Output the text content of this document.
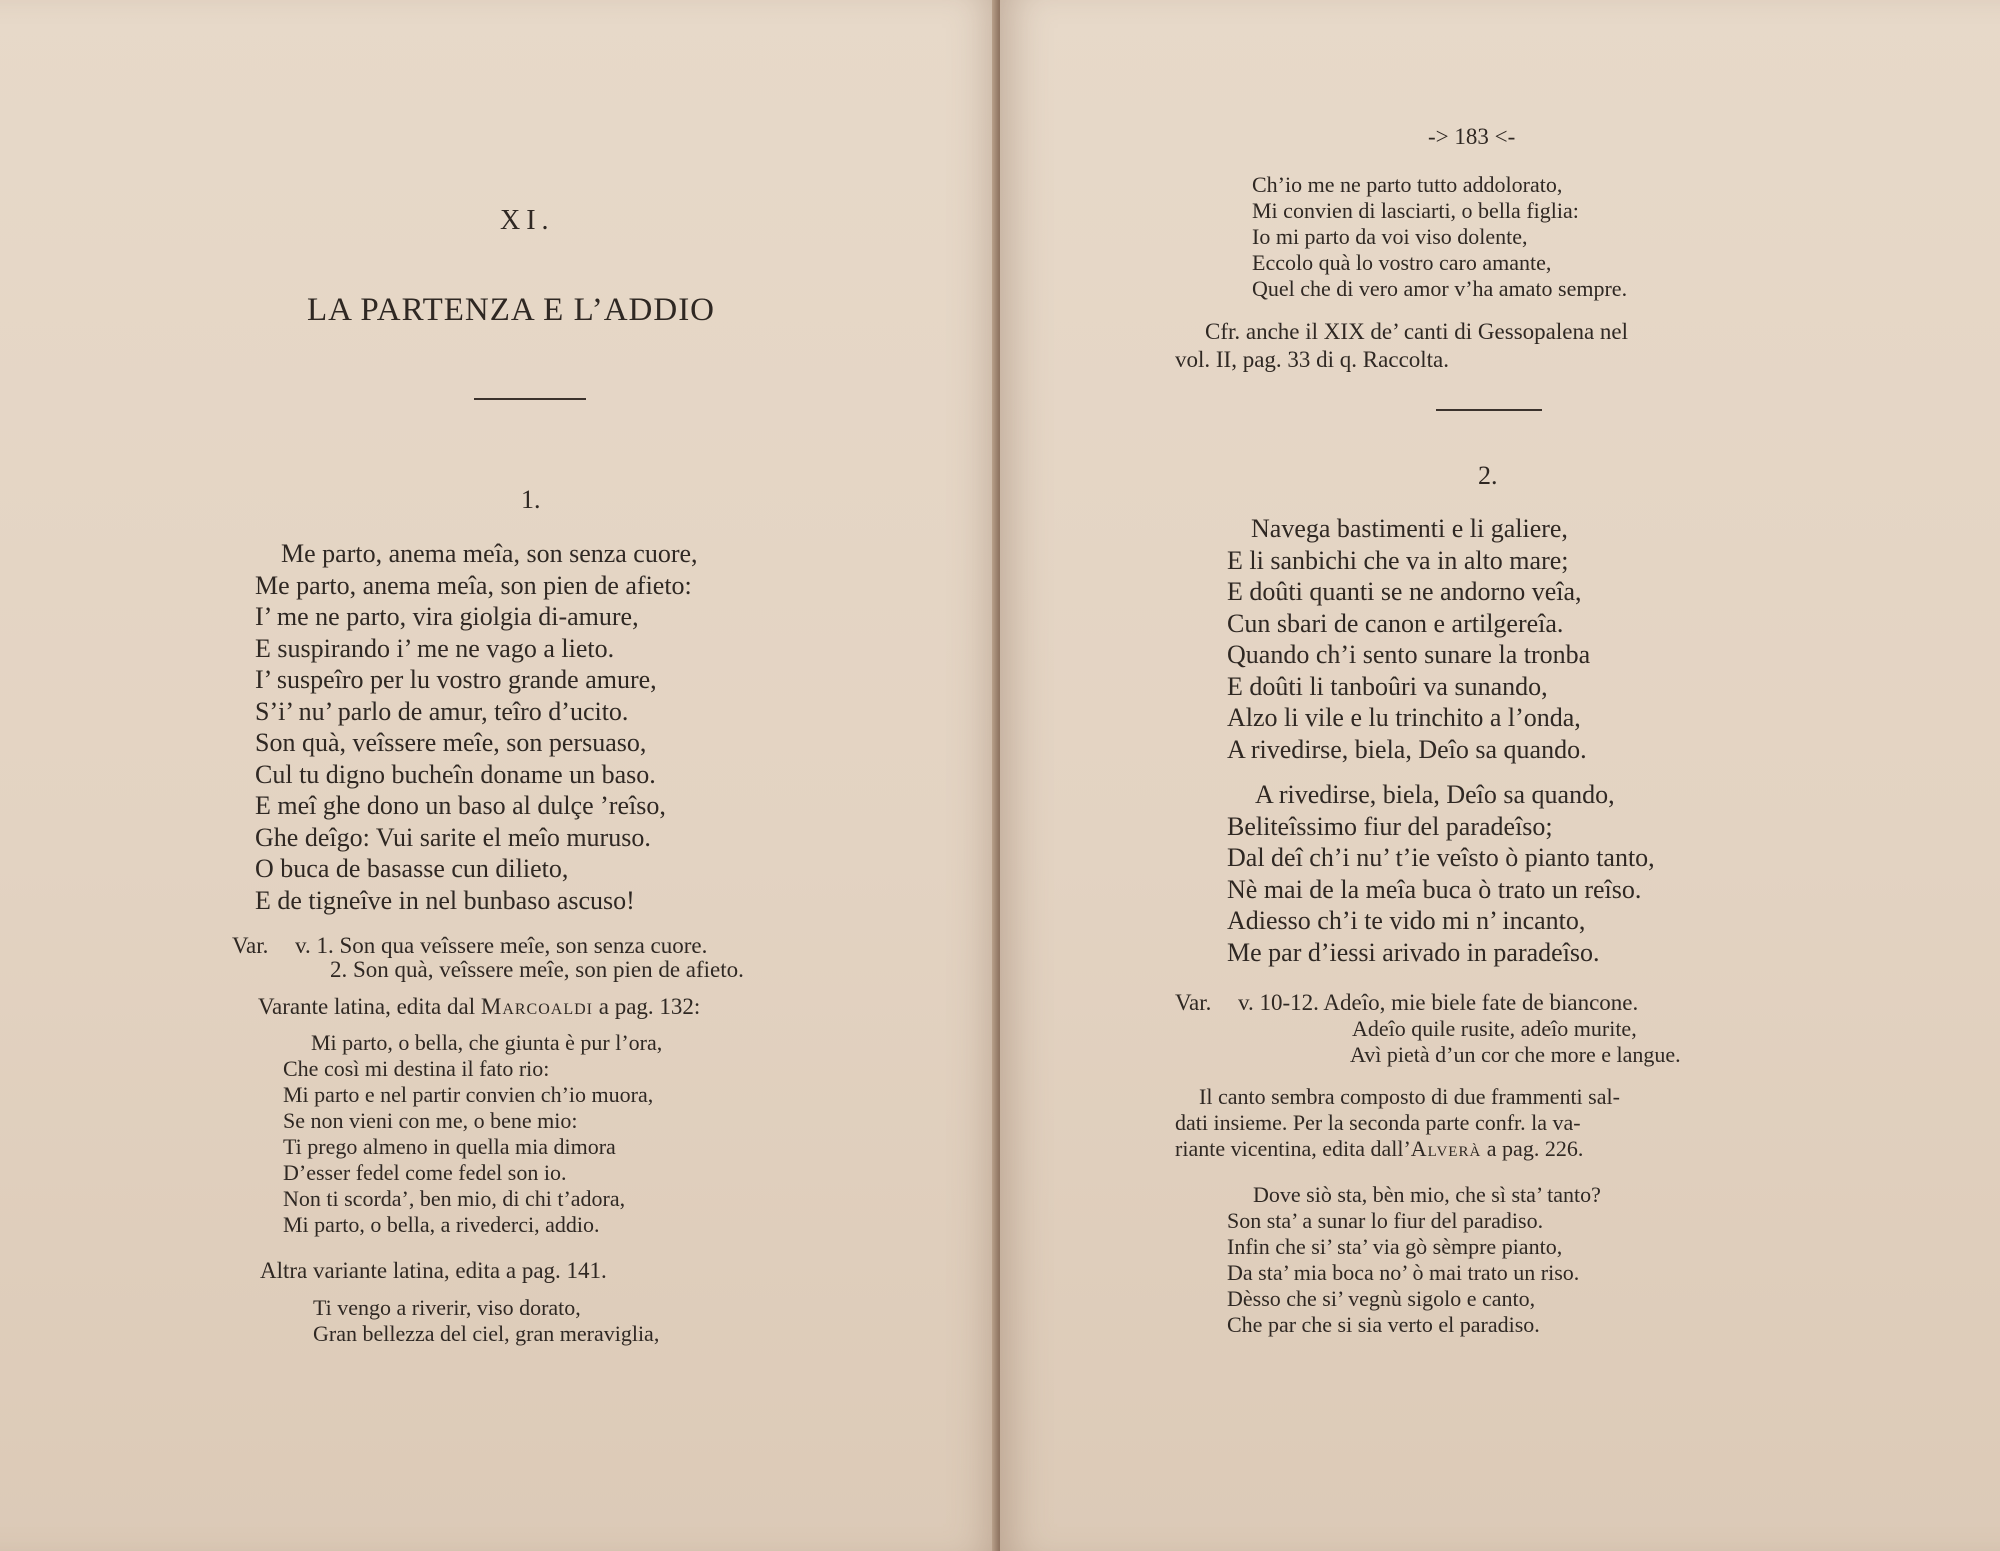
XI.
LA PARTENZA E L’ADDIO
1.
Me parto, anema meîa, son senza cuore,
Me parto, anema meîa, son pien de afieto:
I’ me ne parto, vira giolgia di-amure,
E suspirando i’ me ne vago a lieto.
I’ suspeîro per lu vostro grande amure,
S’i’ nu’ parlo de amur, teîro d’ucito.
Son quà, veîssere meîe, son persuaso,
Cul tu digno bucheîn doname un baso.
E meî ghe dono un baso al dulçe ’reîso,
Ghe deîgo: Vui sarite el meîo muruso.
O buca de basasse cun dilieto,
E de tigneîve in nel bunbaso ascuso!
Var. v. 1. Son qua veîssere meîe, son senza cuore.
2. Son quà, veîssere meîe, son pien de afieto.
Varante latina, edita dal Marcoaldi a pag. 132:
Mi parto, o bella, che giunta è pur l’ora,
Che così mi destina il fato rio:
Mi parto e nel partir convien ch’io muora,
Se non vieni con me, o bene mio:
Ti prego almeno in quella mia dimora
D’esser fedel come fedel son io.
Non ti scorda’, ben mio, di chi t’adora,
Mi parto, o bella, a rivederci, addio.
Altra variante latina, edita a pag. 141.
Ti vengo a riverir, viso dorato,
Gran bellezza del ciel, gran meraviglia,
-> 183 <-
Ch’io me ne parto tutto addolorato,
Mi convien di lasciarti, o bella figlia:
Io mi parto da voi viso dolente,
Eccolo quà lo vostro caro amante,
Quel che di vero amor v’ha amato sempre.
Cfr. anche il XIX de’ canti di Gessopalena nel
vol. II, pag. 33 di q. Raccolta.
2.
Navega bastimenti e li galiere,
E li sanbichi che va in alto mare;
E doûti quanti se ne andorno veîa,
Cun sbari de canon e artilgereîa.
Quando ch’i sento sunare la tronba
E doûti li tanboûri va sunando,
Alzo li vile e lu trinchito a l’onda,
A rivedirse, biela, Deîo sa quando.
A rivedirse, biela, Deîo sa quando,
Beliteîssimo fiur del paradeîso;
Dal deî ch’i nu’ t’ie veîsto ò pianto tanto,
Nè mai de la meîa buca ò trato un reîso.
Adiesso ch’i te vido mi n’ incanto,
Me par d’iessi arivado in paradeîso.
Var. v. 10-12. Adeîo, mie biele fate de biancone.
Adeîo quile rusite, adeîo murite,
Avì pietà d’un cor che more e langue.
Il canto sembra composto di due frammenti sal-
dati insieme. Per la seconda parte confr. la va-
riante vicentina, edita dall’Alverà a pag. 226.
Dove siò sta, bèn mio, che sì sta’ tanto?
Son sta’ a sunar lo fiur del paradiso.
Infin che si’ sta’ via gò sèmpre pianto,
Da sta’ mia boca no’ ò mai trato un riso.
Dèsso che si’ vegnù sigolo e canto,
Che par che si sia verto el paradiso.
